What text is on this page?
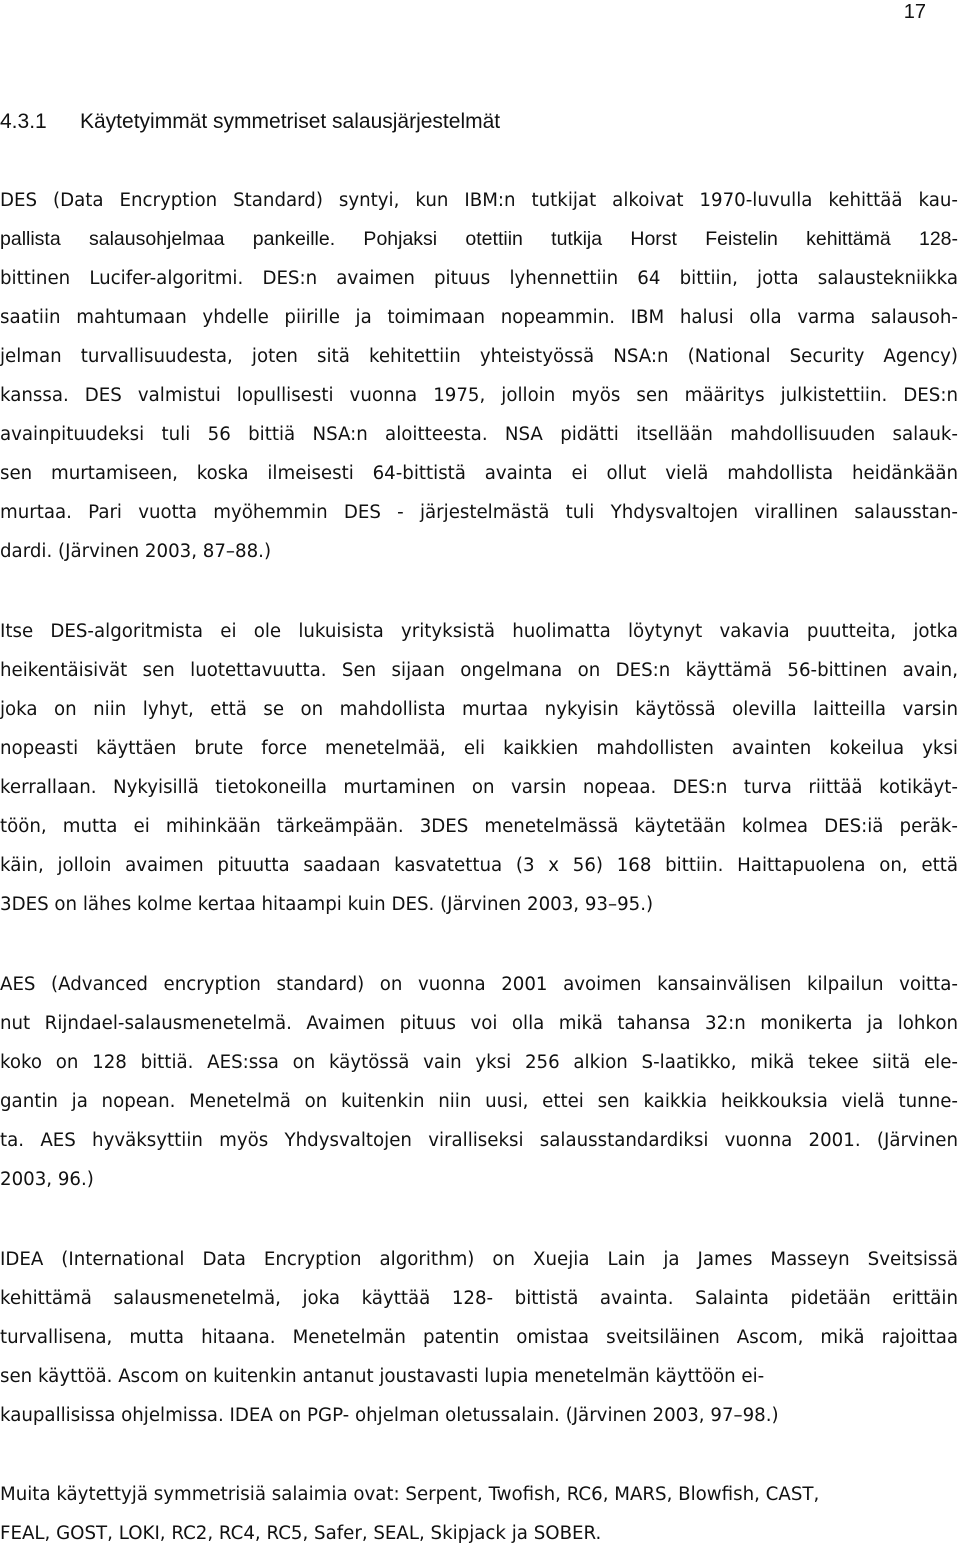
17
4.3.1 Käytetyimmät symmetriset salausjärjestelmät
DES (Data Encryption Standard) syntyi, kun IBM:n tutkijat alkoivat 1970-luvulla kehittää kau-
pallista salausohjelmaa pankeille. Pohjaksi otettiin tutkija Horst Feistelin kehittämä 128-
bittinen Lucifer-algoritmi. DES:n avaimen pituus lyhennettiin 64 bittiin, jotta salaustekniikka
saatiin mahtumaan yhdelle piirille ja toimimaan nopeammin. IBM halusi olla varma salausoh-
jelman turvallisuudesta, joten sitä kehitettiin yhteistyössä NSA:n (National Security Agency)
kanssa. DES valmistui lopullisesti vuonna 1975, jolloin myös sen määritys julkistettiin. DES:n
avainpituudeksi tuli 56 bittiä NSA:n aloitteesta. NSA pidätti itsellään mahdollisuuden salauk-
sen murtamiseen, koska ilmeisesti 64-bittistä avainta ei ollut vielä mahdollista heidänkään
murtaa. Pari vuotta myöhemmin DES - järjestelmästä tuli Yhdysvaltojen virallinen salausstan-
dardi. (Järvinen 2003, 87–88.)
Itse DES-algoritmista ei ole lukuisista yrityksistä huolimatta löytynyt vakavia puutteita, jotka
heikentäisivät sen luotettavuutta. Sen sijaan ongelmana on DES:n käyttämä 56-bittinen avain,
joka on niin lyhyt, että se on mahdollista murtaa nykyisin käytössä olevilla laitteilla varsin
nopeasti käyttäen brute force menetelmää, eli kaikkien mahdollisten avainten kokeilua yksi
kerrallaan. Nykyisillä tietokoneilla murtaminen on varsin nopeaa. DES:n turva riittää kotikäyt-
töön, mutta ei mihinkään tärkeämpään. 3DES menetelmässä käytetään kolmea DES:iä peräk-
käin, jolloin avaimen pituutta saadaan kasvatettua (3 x 56) 168 bittiin. Haittapuolena on, että
3DES on lähes kolme kertaa hitaampi kuin DES. (Järvinen 2003, 93–95.)
AES (Advanced encryption standard) on vuonna 2001 avoimen kansainvälisen kilpailun voitta-
nut Rijndael-salausmenetelmä. Avaimen pituus voi olla mikä tahansa 32:n monikerta ja lohkon
koko on 128 bittiä. AES:ssa on käytössä vain yksi 256 alkion S-laatikko, mikä tekee siitä ele-
gantin ja nopean. Menetelmä on kuitenkin niin uusi, ettei sen kaikkia heikkouksia vielä tunne-
ta. AES hyväksyttiin myös Yhdysvaltojen viralliseksi salausstandardiksi vuonna 2001. (Järvinen
2003, 96.)
IDEA (International Data Encryption algorithm) on Xuejia Lain ja James Masseyn Sveitsissä
kehittämä salausmenetelmä, joka käyttää 128- bittistä avainta. Salainta pidetään erittäin
turvallisena, mutta hitaana. Menetelmän patentin omistaa sveitsiläinen Ascom, mikä rajoittaa
sen käyttöä. Ascom on kuitenkin antanut joustavasti lupia menetelmän käyttöön ei-
kaupallisissa ohjelmissa. IDEA on PGP- ohjelman oletussalain. (Järvinen 2003, 97–98.)
Muita käytettyjä symmetrisiä salaimia ovat: Serpent, Twofish, RC6, MARS, Blowfish, CAST,
FEAL, GOST, LOKI, RC2, RC4, RC5, Safer, SEAL, Skipjack ja SOBER.
